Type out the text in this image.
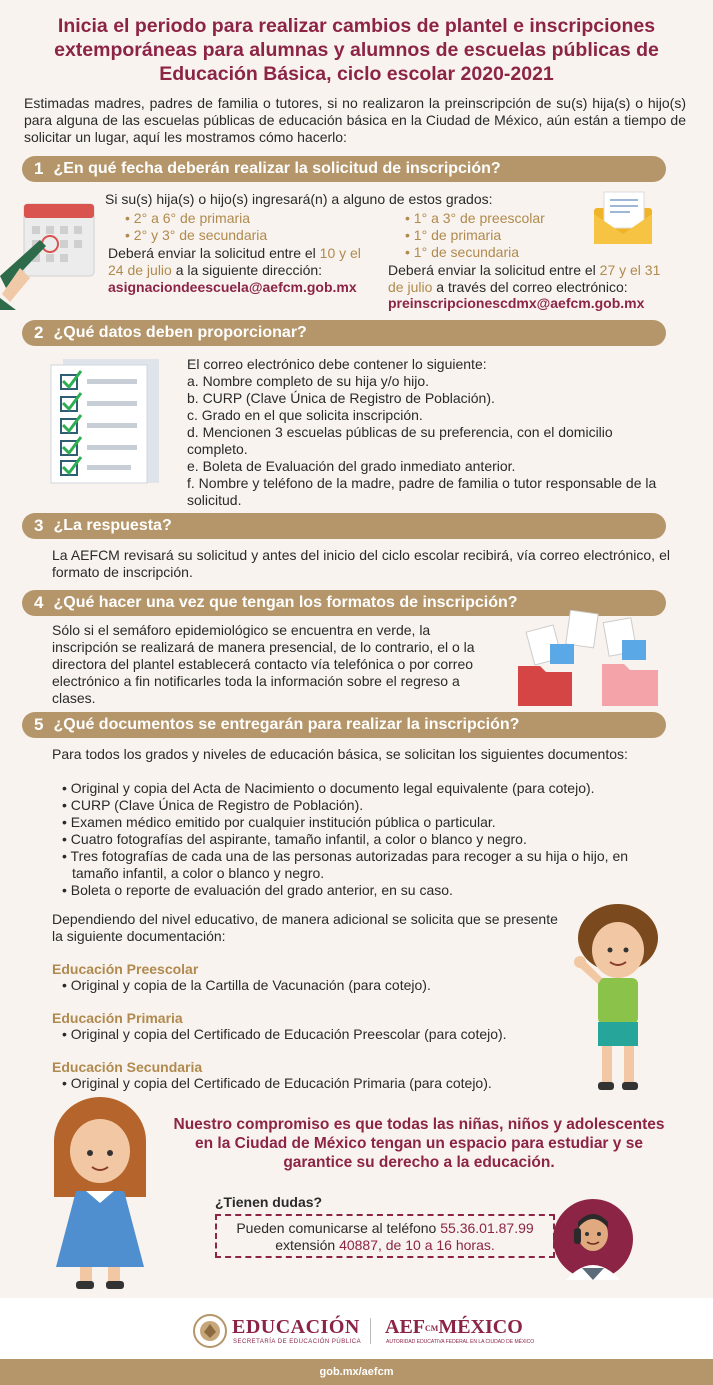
Inicia el periodo para realizar cambios de plantel e inscripciones extemporáneas para alumnas y alumnos de escuelas públicas de Educación Básica, ciclo escolar 2020-2021
Estimadas madres, padres de familia o tutores, si no realizaron la preinscripción de su(s) hija(s) o hijo(s) para alguna de las escuelas públicas de educación básica en la Ciudad de México, aún están a tiempo de solicitar un lugar, aquí les mostramos cómo hacerlo:
1 ¿En qué fecha deberán realizar la solicitud de inscripción?
Si su(s) hija(s) o hijo(s) ingresará(n) a alguno de estos grados:
• 2° a 6° de primaria
• 2° y 3° de secundaria
Deberá enviar la solicitud entre el 10 y el 24 de julio a la siguiente dirección:
asignaciondeescuela@aefcm.gob.mx
• 1° a 3° de preescolar
• 1° de primaria
• 1° de secundaria
Deberá enviar la solicitud entre el 27 y el 31 de julio a través del correo electrónico:
preinscripcionescdmx@aefcm.gob.mx
2 ¿Qué datos deben proporcionar?
El correo electrónico debe contener lo siguiente:
a. Nombre completo de su hija y/o hijo.
b. CURP (Clave Única de Registro de Población).
c. Grado en el que solicita inscripción.
d. Mencionen 3 escuelas públicas de su preferencia, con el domicilio completo.
e. Boleta de Evaluación del grado inmediato anterior.
f. Nombre y teléfono de la madre, padre de familia o tutor responsable de la solicitud.
3 ¿La respuesta?
La AEFCM revisará su solicitud y antes del inicio del ciclo escolar recibirá, vía correo electrónico, el formato de inscripción.
4 ¿Qué hacer una vez que tengan los formatos de inscripción?
Sólo si el semáforo epidemiológico se encuentra en verde, la inscripción se realizará de manera presencial, de lo contrario, el o la directora del plantel establecerá contacto vía telefónica o por correo electrónico a fin notificarles toda la información sobre el regreso a clases.
5 ¿Qué documentos se entregarán para realizar la inscripción?
Para todos los grados y niveles de educación básica, se solicitan los siguientes documentos:
• Original y copia del Acta de Nacimiento o documento legal equivalente (para cotejo).
• CURP (Clave Única de Registro de Población).
• Examen médico emitido por cualquier institución pública o particular.
• Cuatro fotografías del aspirante, tamaño infantil, a color o blanco y negro.
• Tres fotografías de cada una de las personas autorizadas para recoger a su hija o hijo, en tamaño infantil, a color o blanco y negro.
• Boleta o reporte de evaluación del grado anterior, en su caso.
Dependiendo del nivel educativo, de manera adicional se solicita que se presente la siguiente documentación:
Educación Preescolar
• Original y copia de la Cartilla de Vacunación (para cotejo).
Educación Primaria
• Original y copia del Certificado de Educación Preescolar (para cotejo).
Educación Secundaria
• Original y copia del Certificado de Educación Primaria (para cotejo).
Nuestro compromiso es que todas las niñas, niños y adolescentes en la Ciudad de México tengan un espacio para estudiar y se garantice su derecho a la educación.
¿Tienen dudas?
Pueden comunicarse al teléfono 55.36.01.87.99
extensión 40887, de 10 a 16 horas.
EDUCACIÓN
SECRETARÍA DE EDUCACIÓN PÚBLICA
AEFCMMÉXICO
AUTORIDAD EDUCATIVA FEDERAL EN LA CIUDAD DE MÉXICO
gob.mx/aefcm
